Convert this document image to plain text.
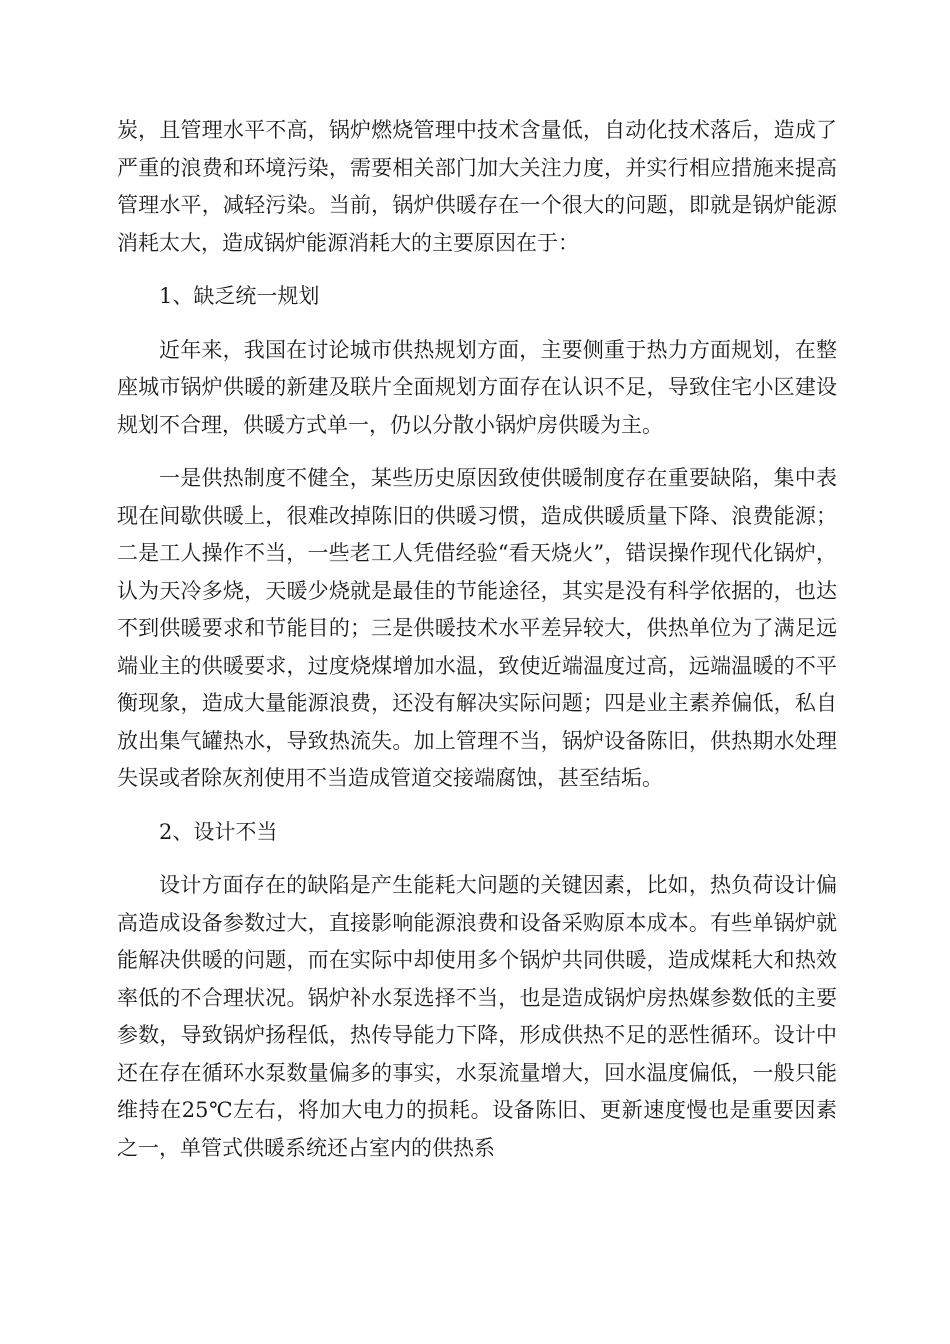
炭，且管理水平不高，锅炉燃烧管理中技术含量低，自动化技术落后，造成了严重的浪费和环境污染，需要相关部门加大关注力度，并实行相应措施来提高管理水平，减轻污染。当前，锅炉供暖存在一个很大的问题，即就是锅炉能源消耗太大，造成锅炉能源消耗大的主要原因在于：

1、缺乏统一规划

近年来，我国在讨论城市供热规划方面，主要侧重于热力方面规划，在整座城市锅炉供暖的新建及联片全面规划方面存在认识不足，导致住宅小区建设规划不合理，供暖方式单一，仍以分散小锅炉房供暖为主。

一是供热制度不健全，某些历史原因致使供暖制度存在重要缺陷，集中表现在间歇供暖上，很难改掉陈旧的供暖习惯，造成供暖质量下降、浪费能源；二是工人操作不当，一些老工人凭借经验“看天烧火”，错误操作现代化锅炉，认为天冷多烧，天暖少烧就是最佳的节能途径，其实是没有科学依据的，也达不到供暖要求和节能目的；三是供暖技术水平差异较大，供热单位为了满足远端业主的供暖要求，过度烧煤增加水温，致使近端温度过高，远端温暖的不平衡现象，造成大量能源浪费，还没有解决实际问题；四是业主素养偏低，私自放出集气罐热水，导致热流失。加上管理不当，锅炉设备陈旧，供热期水处理失误或者除灰剂使用不当造成管道交接端腐蚀，甚至结垢。

2、设计不当

设计方面存在的缺陷是产生能耗大问题的关键因素，比如，热负荷设计偏高造成设备参数过大，直接影响能源浪费和设备采购原本成本。有些单锅炉就能解决供暖的问题，而在实际中却使用多个锅炉共同供暖，造成煤耗大和热效率低的不合理状况。锅炉补水泵选择不当，也是造成锅炉房热媒参数低的主要参数，导致锅炉扬程低，热传导能力下降，形成供热不足的恶性循环。设计中还在存在循环水泵数量偏多的事实，水泵流量增大，回水温度偏低，一般只能维持在25℃左右，将加大电力的损耗。设备陈旧、更新速度慢也是重要因素之一，单管式供暖系统还占室内的供热系
